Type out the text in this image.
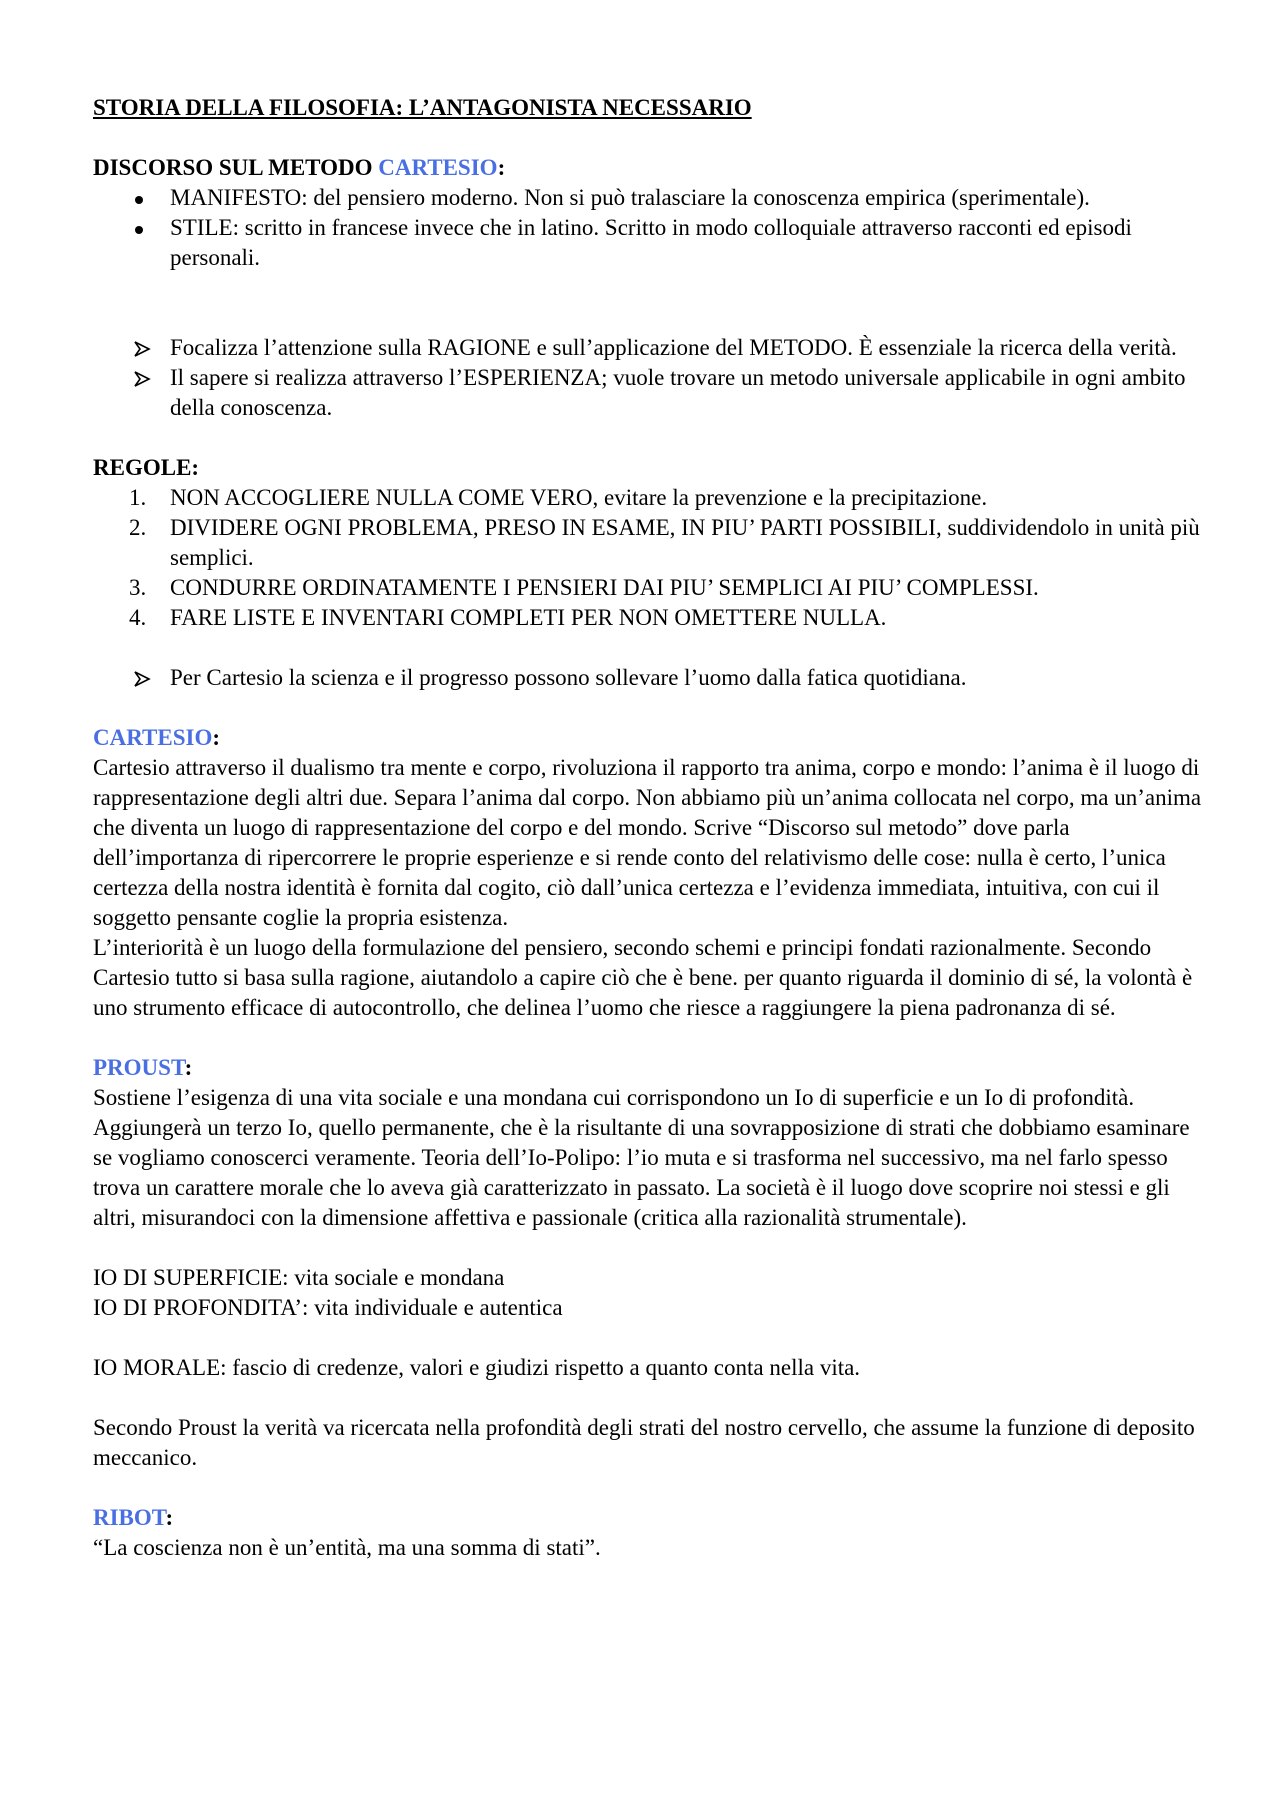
STORIA DELLA FILOSOFIA: L’ANTAGONISTA NECESSARIO

DISCORSO SUL METODO CARTESIO:

MANIFESTO: del pensiero moderno. Non si può tralasciare la conoscenza empirica (sperimentale).
STILE: scritto in francese invece che in latino. Scritto in modo colloquiale attraverso racconti ed episodi personali.
Focalizza l’attenzione sulla RAGIONE e sull’applicazione del METODO. È essenziale la ricerca della verità.
Il sapere si realizza attraverso l’ESPERIENZA; vuole trovare un metodo universale applicabile in ogni ambito della conoscenza.

REGOLE:

1.	NON ACCOGLIERE NULLA COME VERO, evitare la prevenzione e la precipitazione.
2.	DIVIDERE OGNI PROBLEMA, PRESO IN ESAME, IN PIU’ PARTI POSSIBILI, suddividendolo in unità più semplici.
3.	CONDURRE ORDINATAMENTE I PENSIERI DAI PIU’ SEMPLICI AI PIU’ COMPLESSI.
4.	FARE LISTE E INVENTARI COMPLETI PER NON OMETTERE NULLA.
Per Cartesio la scienza e il progresso possono sollevare l’uomo dalla fatica quotidiana.

CARTESIO:

Cartesio attraverso il dualismo tra mente e corpo, rivoluziona il rapporto tra anima, corpo e mondo: l’anima è il luogo di rappresentazione degli altri due. Separa l’anima dal corpo. Non abbiamo più un’anima collocata nel corpo, ma un’anima che diventa un luogo di rappresentazione del corpo e del mondo. Scrive “Discorso sul metodo” dove parla dell’importanza di ripercorrere le proprie esperienze e si rende conto del relativismo delle cose: nulla è certo, l’unica certezza della nostra identità è fornita dal cogito, ciò dall’unica certezza e l’evidenza immediata, intuitiva, con cui il soggetto pensante coglie la propria esistenza.

L’interiorità è un luogo della formulazione del pensiero, secondo schemi e principi fondati razionalmente. Secondo Cartesio tutto si basa sulla ragione, aiutandolo a capire ciò che è bene. per quanto riguarda il dominio di sé, la volontà è uno strumento efficace di autocontrollo, che delinea l’uomo che riesce a raggiungere la piena padronanza di sé.

PROUST:

Sostiene l’esigenza di una vita sociale e una mondana cui corrispondono un Io di superficie e un Io di profondità. Aggiungerà un terzo Io, quello permanente, che è la risultante di una sovrapposizione di strati che dobbiamo esaminare se vogliamo conoscerci veramente. Teoria dell’Io-Polipo: l’io muta e si trasforma nel successivo, ma nel farlo spesso trova un carattere morale che lo aveva già caratterizzato in passato. La società è il luogo dove scoprire noi stessi e gli altri, misurandoci con la dimensione affettiva e passionale (critica alla razionalità strumentale).

IO DI SUPERFICIE: vita sociale e mondana

IO DI PROFONDITA’: vita individuale e autentica

IO MORALE: fascio di credenze, valori e giudizi rispetto a quanto conta nella vita.

Secondo Proust la verità va ricercata nella profondità degli strati del nostro cervello, che assume la funzione di deposito meccanico.

RIBOT:

“La coscienza non è un’entità, ma una somma di stati”.
